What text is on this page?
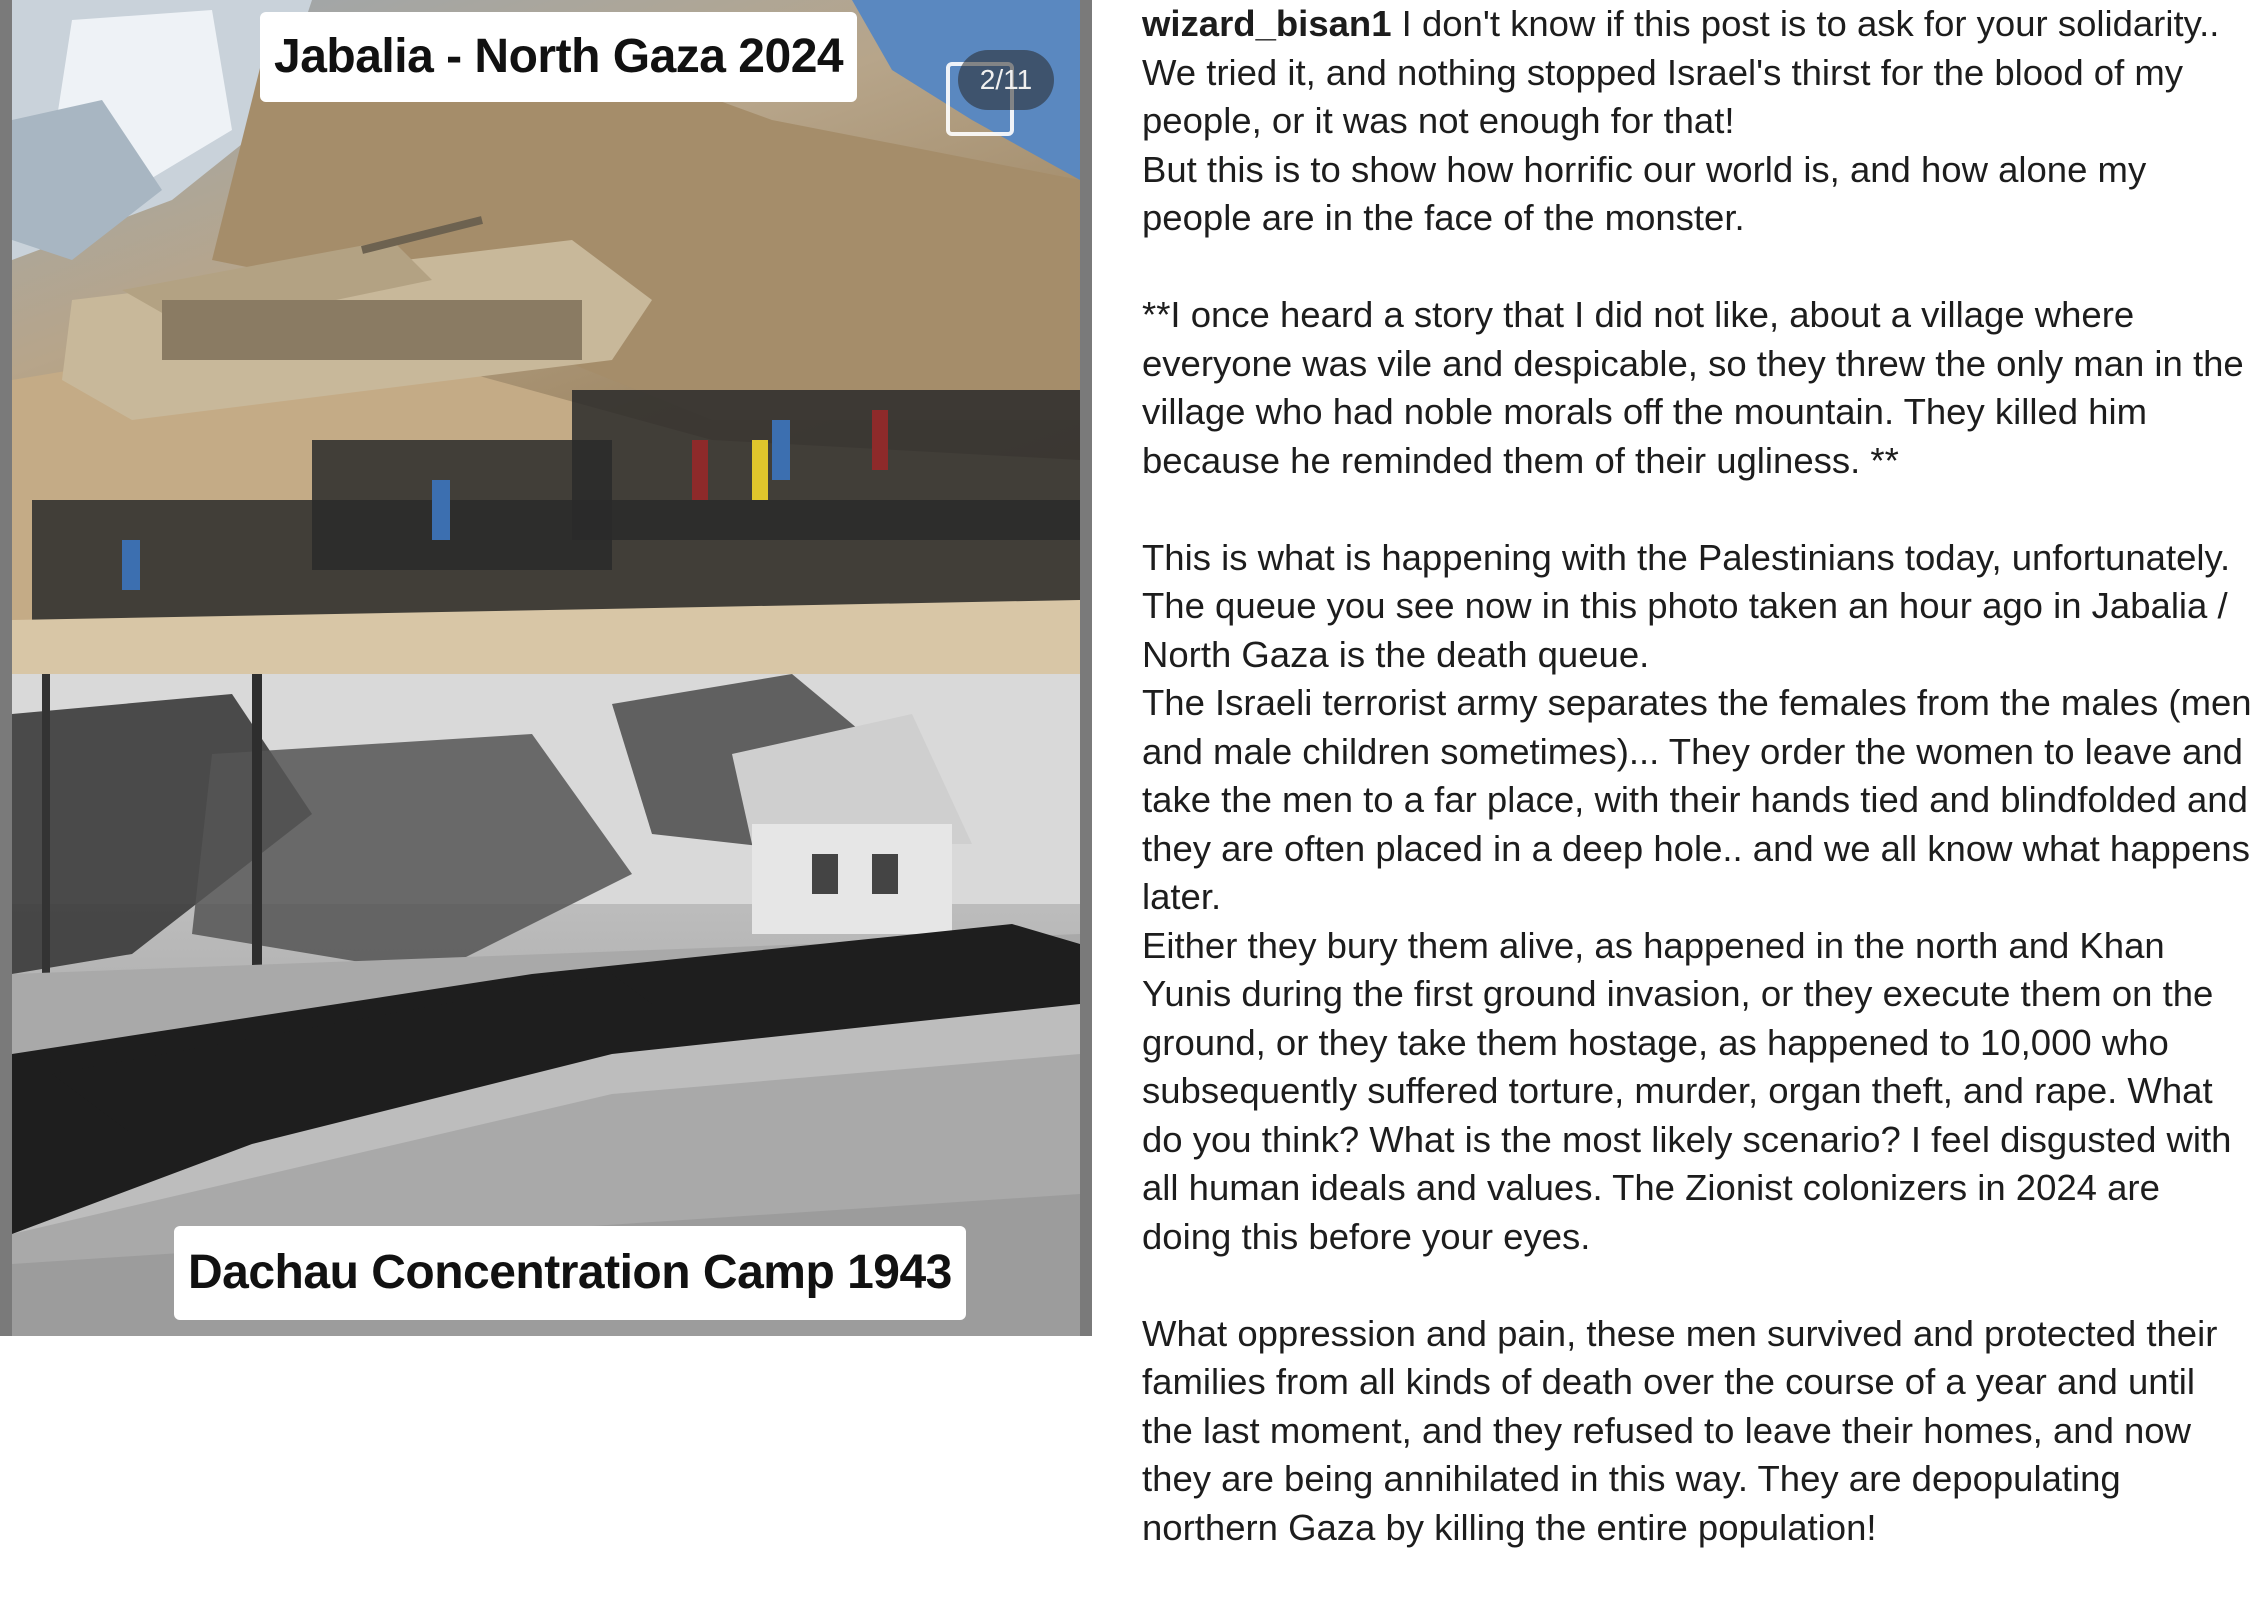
Jabalia - North Gaza 2024	2/11
Dachau Concentration Camp 1943

wizard_bisan1 I don't know if this post is to ask for your solidarity.. We tried it, and nothing stopped Israel's thirst for the blood of my people, or it was not enough for that!

But this is to show how horrific our world is, and how alone my people are in the face of the monster.

**I once heard a story that I did not like, about a village where everyone was vile and despicable, so they threw the only man in the village who had noble morals off the mountain. They killed him because he reminded them of their ugliness. **

This is what is happening with the Palestinians today, unfortunately. The queue you see now in this photo taken an hour ago in Jabalia / North Gaza is the death queue.

The Israeli terrorist army separates the females from the males (men and male children sometimes)... They order the women to leave and take the men to a far place, with their hands tied and blindfolded and they are often placed in a deep hole.. and we all know what happens later.

Either they bury them alive, as happened in the north and Khan Yunis during the first ground invasion, or they execute them on the ground, or they take them hostage, as happened to 10,000 who subsequently suffered torture, murder, organ theft, and rape. What do you think? What is the most likely scenario? I feel disgusted with all human ideals and values. The Zionist colonizers in 2024 are doing this before your eyes.

What oppression and pain, these men survived and protected their families from all kinds of death over the course of a year and until the last moment, and they refused to leave their homes, and now they are being annihilated in this way. They are depopulating northern Gaza by killing the entire population!
